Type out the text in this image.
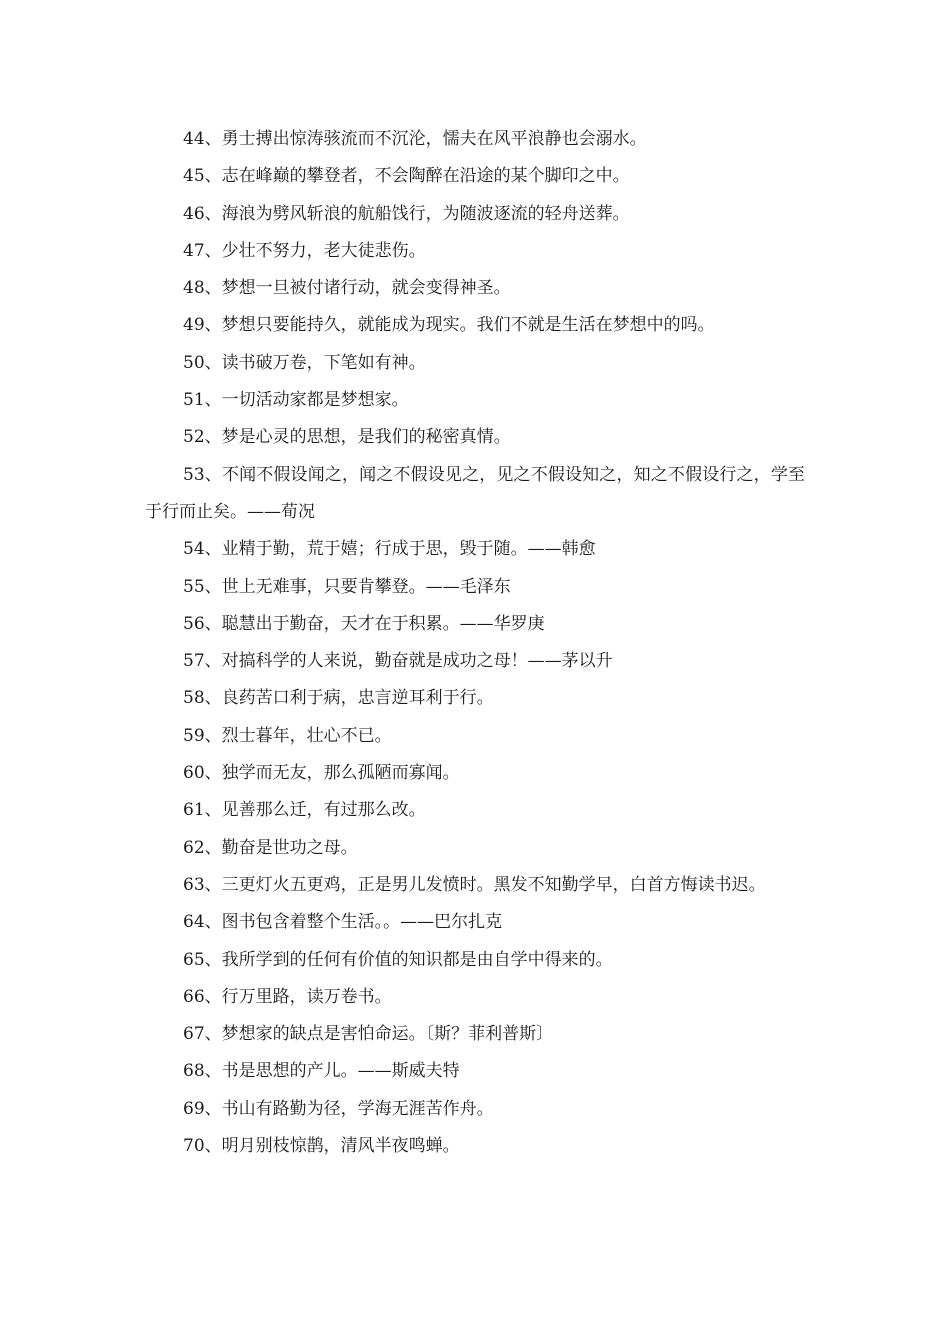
44、勇士搏出惊涛骇流而不沉沦，懦夫在风平浪静也会溺水。

45、志在峰巅的攀登者，不会陶醉在沿途的某个脚印之中。

46、海浪为劈风斩浪的航船饯行，为随波逐流的轻舟送葬。

47、少壮不努力，老大徒悲伤。

48、梦想一旦被付诸行动，就会变得神圣。

49、梦想只要能持久，就能成为现实。我们不就是生活在梦想中的吗。

50、读书破万卷，下笔如有神。

51、一切活动家都是梦想家。

52、梦是心灵的思想，是我们的秘密真情。

53、不闻不假设闻之，闻之不假设见之，见之不假设知之，知之不假设行之，学至于行而止矣。——荀况

54、业精于勤，荒于嬉；行成于思，毁于随。——韩愈

55、世上无难事，只要肯攀登。——毛泽东

56、聪慧出于勤奋，天才在于积累。——华罗庚

57、对搞科学的人来说，勤奋就是成功之母！——茅以升

58、良药苦口利于病，忠言逆耳利于行。

59、烈士暮年，壮心不已。

60、独学而无友，那么孤陋而寡闻。

61、见善那么迁，有过那么改。

62、勤奋是世功之母。

63、三更灯火五更鸡，正是男儿发愤时。黑发不知勤学早，白首方悔读书迟。

64、图书包含着整个生活。。——巴尔扎克

65、我所学到的任何有价值的知识都是由自学中得来的。

66、行万里路，读万卷书。

67、梦想家的缺点是害怕命运。〔斯？菲利普斯〕

68、书是思想的产儿。——斯威夫特

69、书山有路勤为径，学海无涯苦作舟。

70、明月别枝惊鹊，清风半夜鸣蝉。
